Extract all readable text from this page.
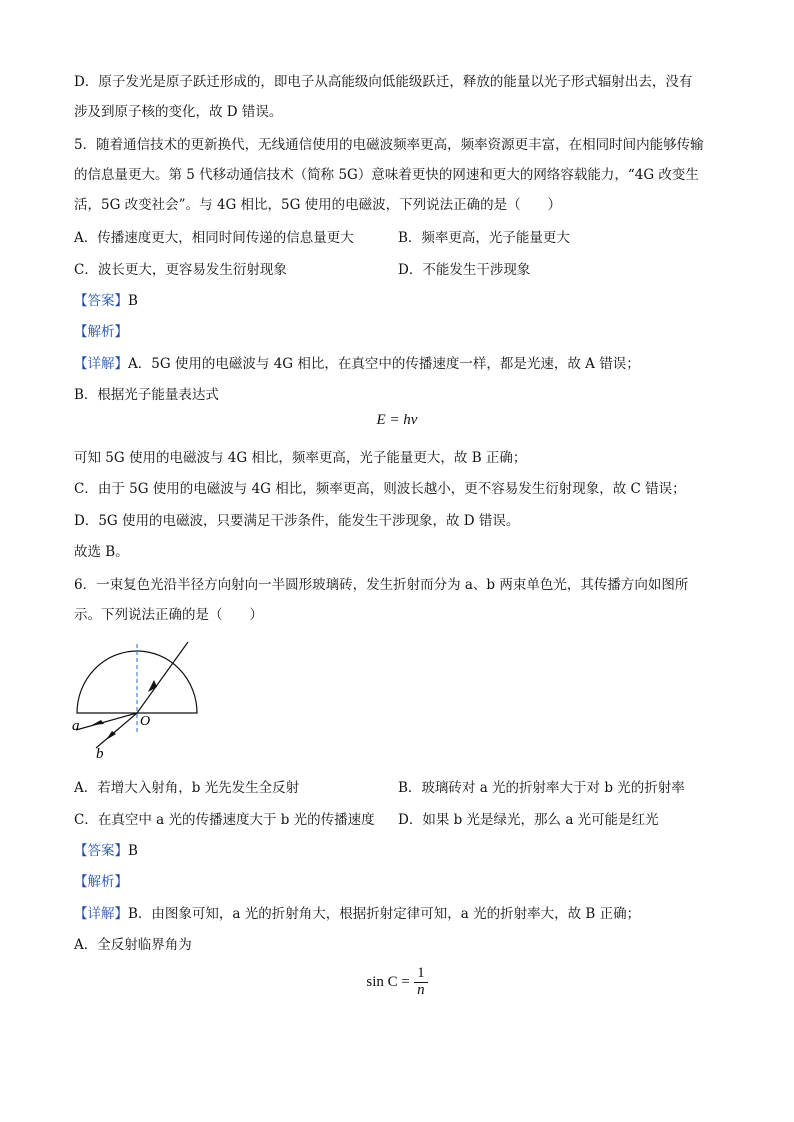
D．原子发光是原子跃迁形成的，即电子从高能级向低能级跃迁，释放的能量以光子形式辐射出去，没有
涉及到原子核的变化，故 D 错误。
5．随着通信技术的更新换代，无线通信使用的电磁波频率更高，频率资源更丰富，在相同时间内能够传输
的信息量更大。第 5 代移动通信技术（简称 5G）意味着更快的网速和更大的网络容载能力，“4G 改变生
活，5G 改变社会”。与 4G 相比，5G 使用的电磁波，下列说法正确的是（　　）
A．传播速度更大，相同时间传递的信息量更大	B．频率更高，光子能量更大
C．波长更大，更容易发生衍射现象	D．不能发生干涉现象
【答案】B
【解析】
【详解】A．5G 使用的电磁波与 4G 相比，在真空中的传播速度一样，都是光速，故 A 错误；
B．根据光子能量表达式
E = hν
可知 5G 使用的电磁波与 4G 相比，频率更高，光子能量更大，故 B 正确；
C．由于 5G 使用的电磁波与 4G 相比，频率更高，则波长越小，更不容易发生衍射现象，故 C 错误；
D．5G 使用的电磁波，只要满足干涉条件，能发生干涉现象，故 D 错误。
故选 B。
6．一束复色光沿半径方向射向一半圆形玻璃砖，发生折射而分为 a、b 两束单色光，其传播方向如图所
示。下列说法正确的是（　　）
a	O
b
A．若增大入射角，b 光先发生全反射	B．玻璃砖对 a 光的折射率大于对 b 光的折射率
C．在真空中 a 光的传播速度大于 b 光的传播速度 D．如果 b 光是绿光，那么 a 光可能是红光
【答案】B
【解析】
【详解】B．由图象可知，a 光的折射角大，根据折射定律可知，a 光的折射率大，故 B 正确；
A．全反射临界角为
$\sin C = \frac{1}{n}$
